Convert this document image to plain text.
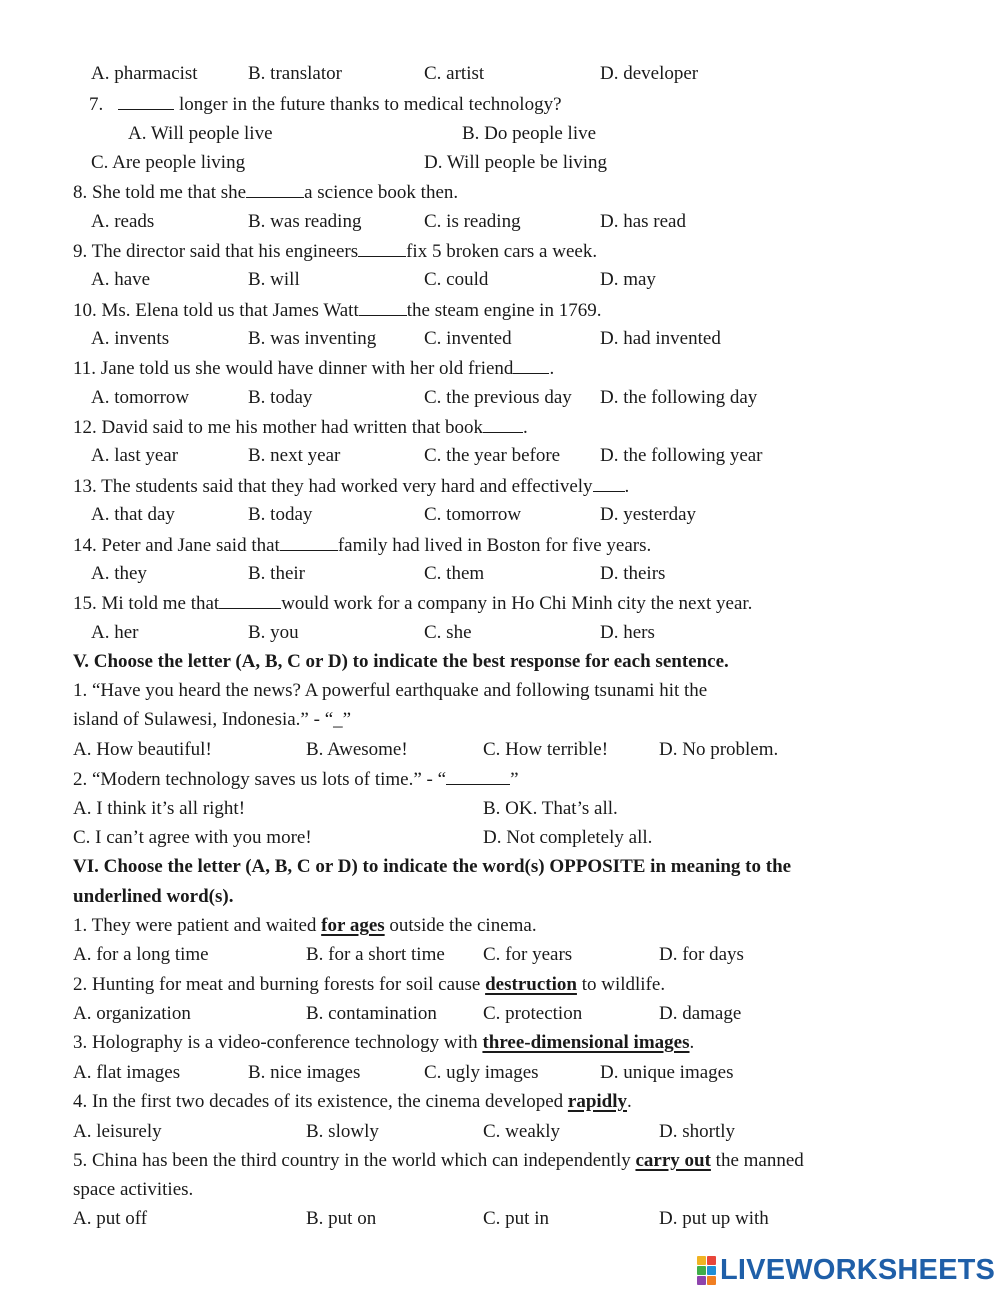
A. pharmacist	B. translator	C. artist	D. developer
7.	longer in the future thanks to medical technology?
A. Will people live	B. Do people live
C. Are people living	D. Will people be living
8. She told me that she	a science book then.
A. reads	B. was reading	C. is reading	D. has read
9. The director said that his engineers	fix 5 broken cars a week.
A. have	B. will	C. could	D. may
10. Ms. Elena told us that James Watt	the steam engine in 1769.
A. invents	B. was inventing	C. invented	D. had invented
11. Jane told us she would have dinner with her old friend .
A. tomorrow	B. today	C. the previous day D. the following day
12. David said to me his mother had written that book .
A. last year	B. next year	C. the year before D. the following year
13. The students said that they had worked very hard and effectively .
A. that day	B. today	C. tomorrow	D. yesterday
14. Peter and Jane said that	family had lived in Boston for five years.
A. they	B. their	C. them	D. theirs
15. Mi told me that	would work for a company in Ho Chi Minh city the next year.
A. her	B. you	C. she	D. hers
V. Choose the letter (A, B, C or D) to indicate the best response for each sentence.
1. “Have you heard the news? A powerful earthquake and following tsunami hit the
island of Sulawesi, Indonesia.” - “_”
A. How beautiful!	B. Awesome!	C. How terrible!	D. No problem.
2. “Modern technology saves us lots of time.” - “	”
A. I think it’s all right!	B. OK. That’s all.
C. I can’t agree with you more!	D. Not completely all.
VI. Choose the letter (A, B, C or D) to indicate the word(s) OPPOSITE in meaning to the
underlined word(s).
1. They were patient and waited for ages outside the cinema.
A. for a long time	B. for a short time C. for years	D. for days
2. Hunting for meat and burning forests for soil cause destruction to wildlife.
A. organization	B. contamination C. protection	D. damage
3. Holography is a video-conference technology with three-dimensional images.
A. flat images	B. nice images	C. ugly images	D. unique images
4. In the first two decades of its existence, the cinema developed rapidly.
A. leisurely	B. slowly	C. weakly	D. shortly
5. China has been the third country in the world which can independently carry out the manned
space activities.
A. put off	B. put on	C. put in	D. put up with
LIVEWORKSHEETS
